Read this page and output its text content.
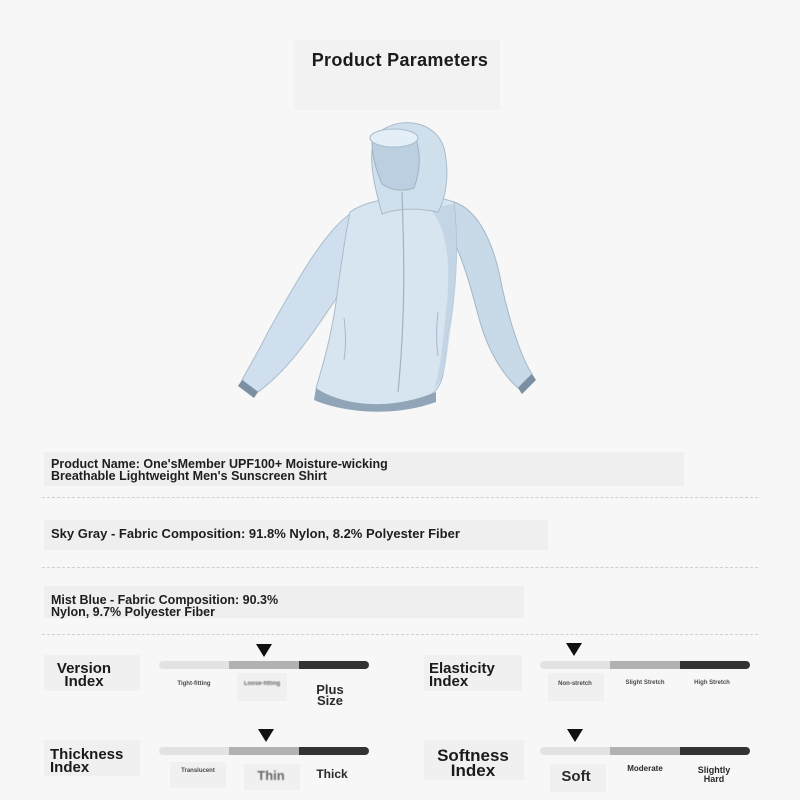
Product Parameters
Product Name: One'sMember UPF100+ Moisture-wicking
Breathable Lightweight Men's Sunscreen Shirt
Sky Gray - Fabric Composition: 91.8% Nylon, 8.2% Polyester Fiber
Mist Blue - Fabric Composition: 90.3%
Nylon, 9.7% Polyester Fiber
Version
Index	Tight-fitting	Loose-fitting	Plus
Size
Elasticity
Index	Non-stretch	Slight Stretch	High Stretch
Thickness
Index	Translucent	Thin	Thick
Softness
Index	Soft	Moderate	Slightly
Hard
